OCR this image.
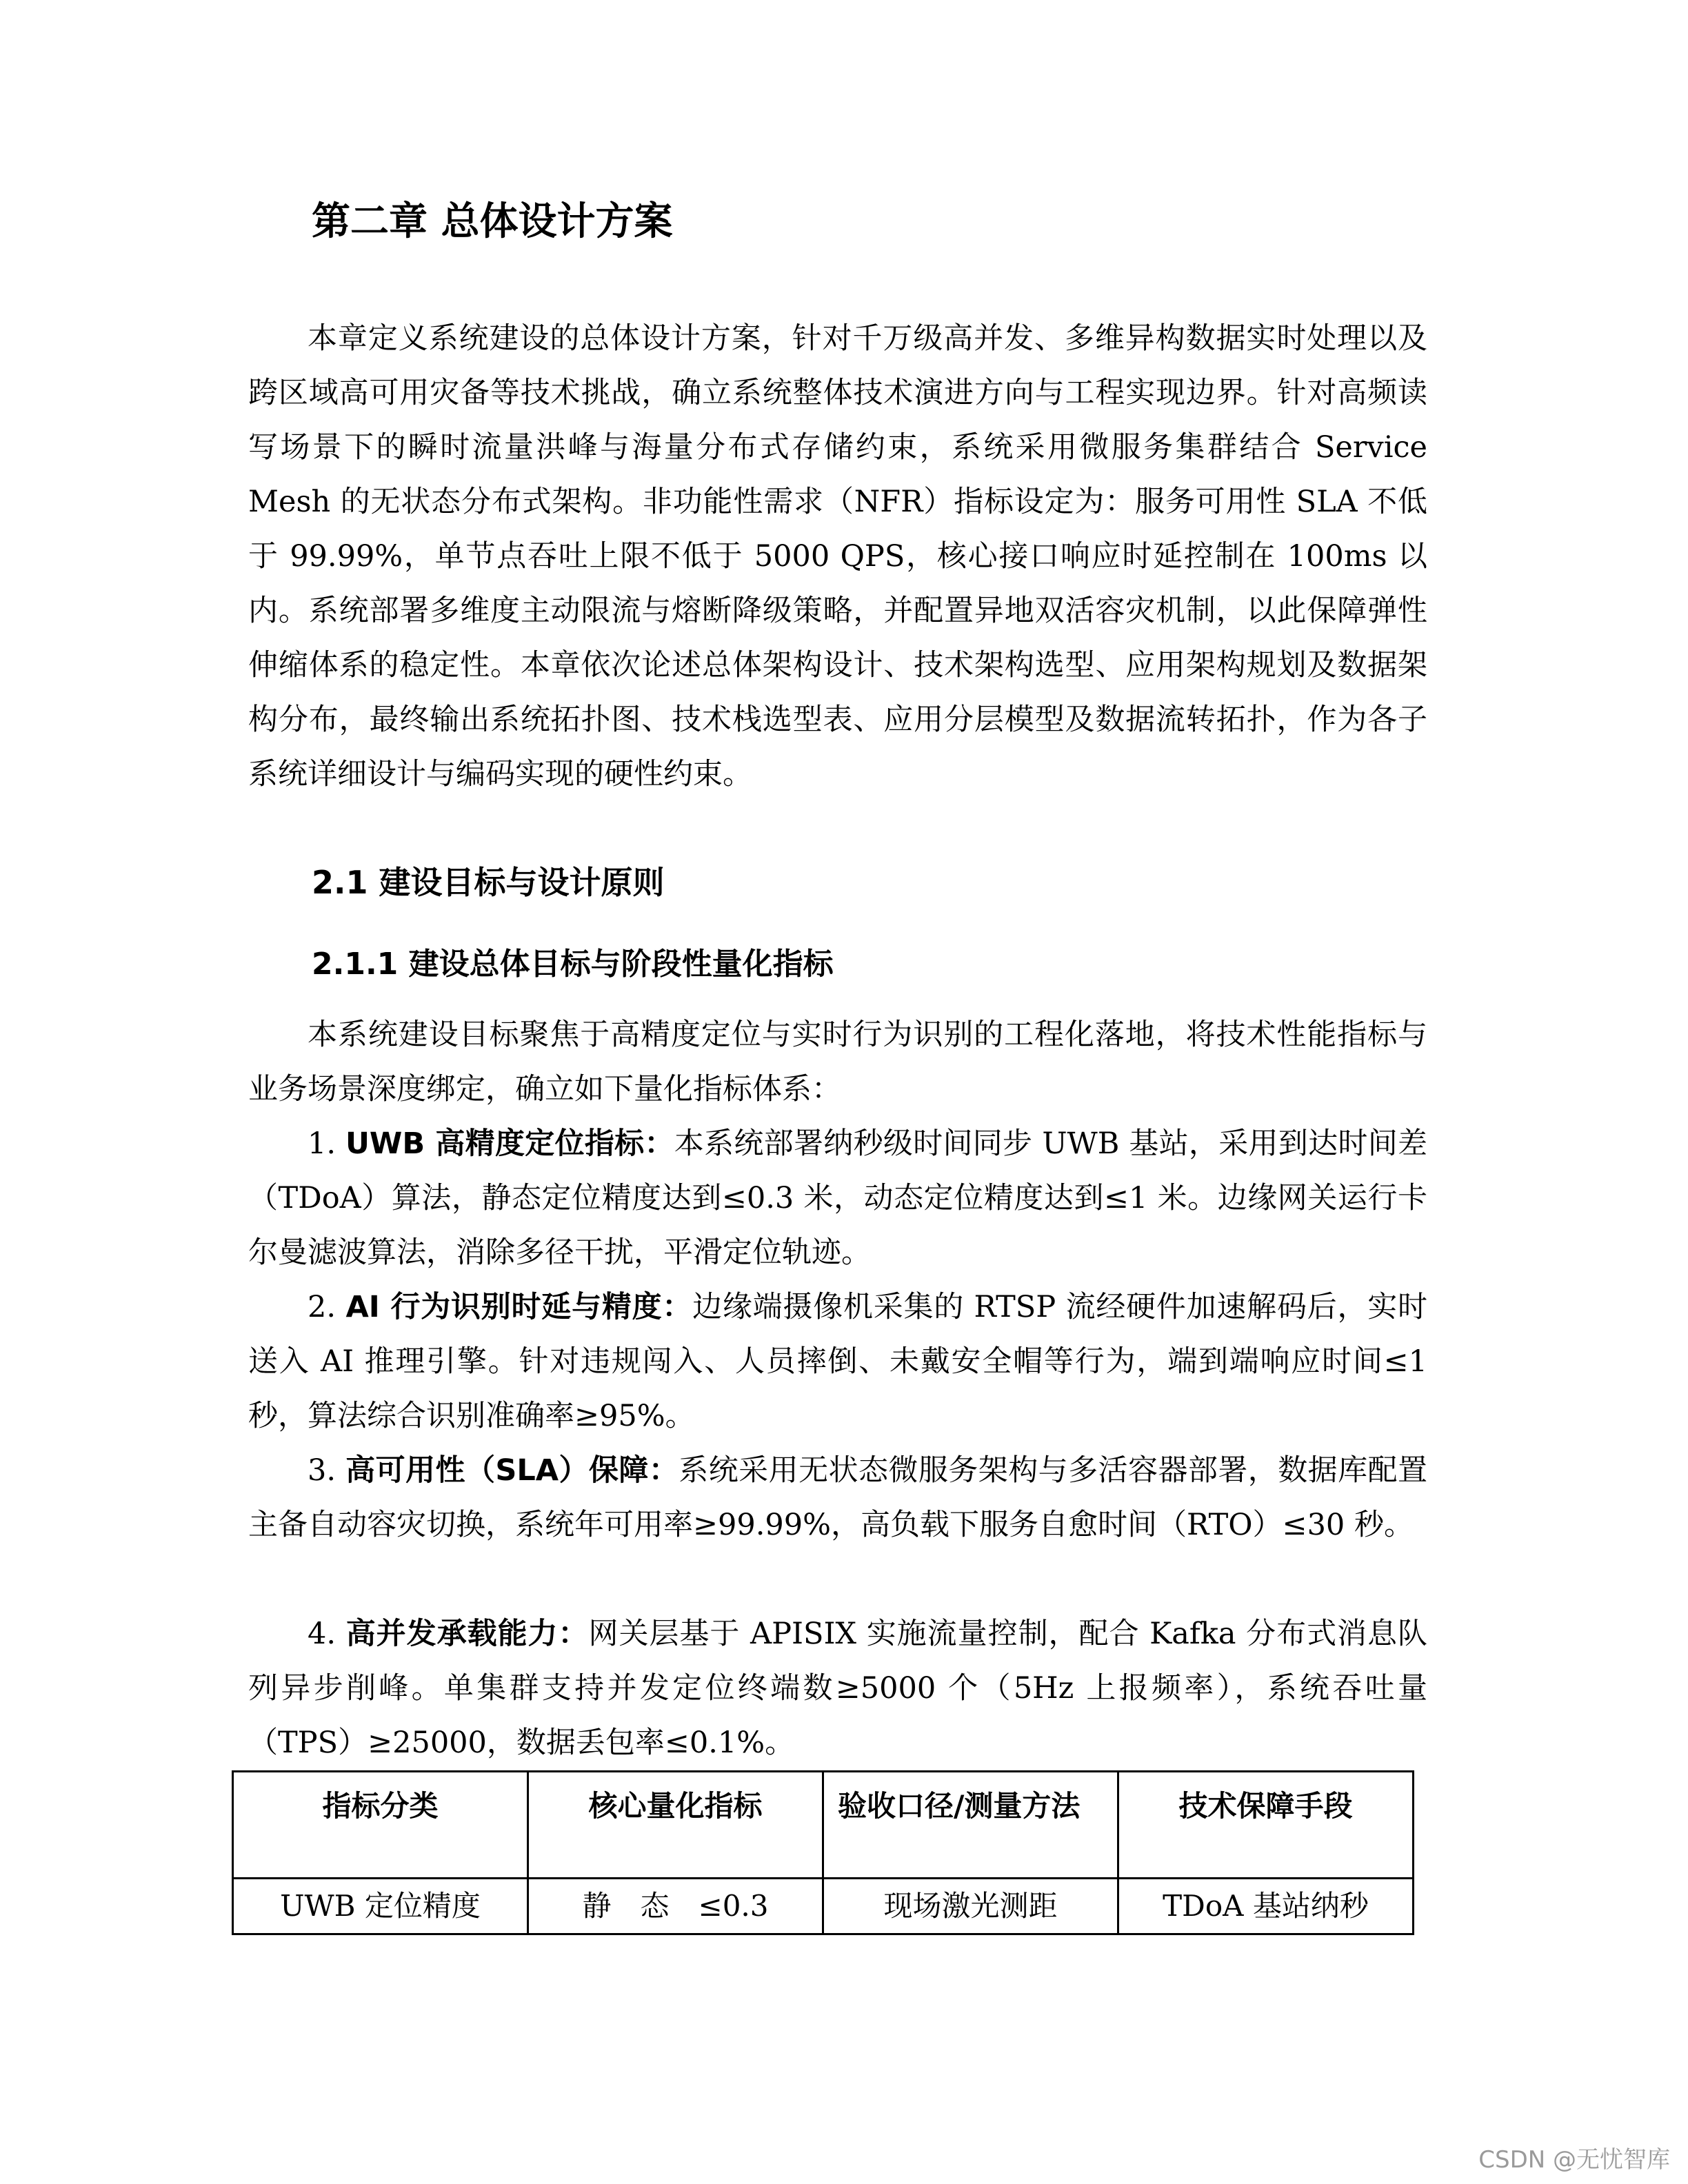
第二章 总体设计方案

本章定义系统建设的总体设计方案，针对千万级高并发、多维异构数据实时处理以及跨区域高可用灾备等技术挑战，确立系统整体技术演进方向与工程实现边界。针对高频读写场景下的瞬时流量洪峰与海量分布式存储约束，系统采用微服务集群结合 Service Mesh 的无状态分布式架构。非功能性需求（NFR）指标设定为：服务可用性 SLA 不低于 99.99%，单节点吞吐上限不低于 5000 QPS，核心接口响应时延控制在 100ms 以内。系统部署多维度主动限流与熔断降级策略，并配置异地双活容灾机制，以此保障弹性伸缩体系的稳定性。本章依次论述总体架构设计、技术架构选型、应用架构规划及数据架构分布，最终输出系统拓扑图、技术栈选型表、应用分层模型及数据流转拓扑，作为各子系统详细设计与编码实现的硬性约束。

2.1 建设目标与设计原则
2.1.1 建设总体目标与阶段性量化指标

本系统建设目标聚焦于高精度定位与实时行为识别的工程化落地，将技术性能指标与业务场景深度绑定，确立如下量化指标体系：

1. UWB 高精度定位指标：本系统部署纳秒级时间同步 UWB 基站，采用到达时间差（TDoA）算法，静态定位精度达到≤0.3 米，动态定位精度达到≤1 米。边缘网关运行卡尔曼滤波算法，消除多径干扰，平滑定位轨迹。

2. AI 行为识别时延与精度：边缘端摄像机采集的 RTSP 流经硬件加速解码后，实时送入 AI 推理引擎。针对违规闯入、人员摔倒、未戴安全帽等行为，端到端响应时间≤1 秒，算法综合识别准确率≥95%。

3. 高可用性（SLA）保障：系统采用无状态微服务架构与多活容器部署，数据库配置主备自动容灾切换，系统年可用率≥99.99%，高负载下服务自愈时间（RTO）≤30 秒。

4. 高并发承载能力：网关层基于 APISIX 实施流量控制，配合 Kafka 分布式消息队列异步削峰。单集群支持并发定位终端数≥5000 个（5Hz 上报频率），系统吞吐量（TPS）≥25000，数据丢包率≤0.1%。

指标分类	核心量化指标	验收口径/测量方法	技术保障手段
UWB 定位精度	静　态　≤0.3	现场激光测距	TDoA 基站纳秒
CSDN @无忧智库
